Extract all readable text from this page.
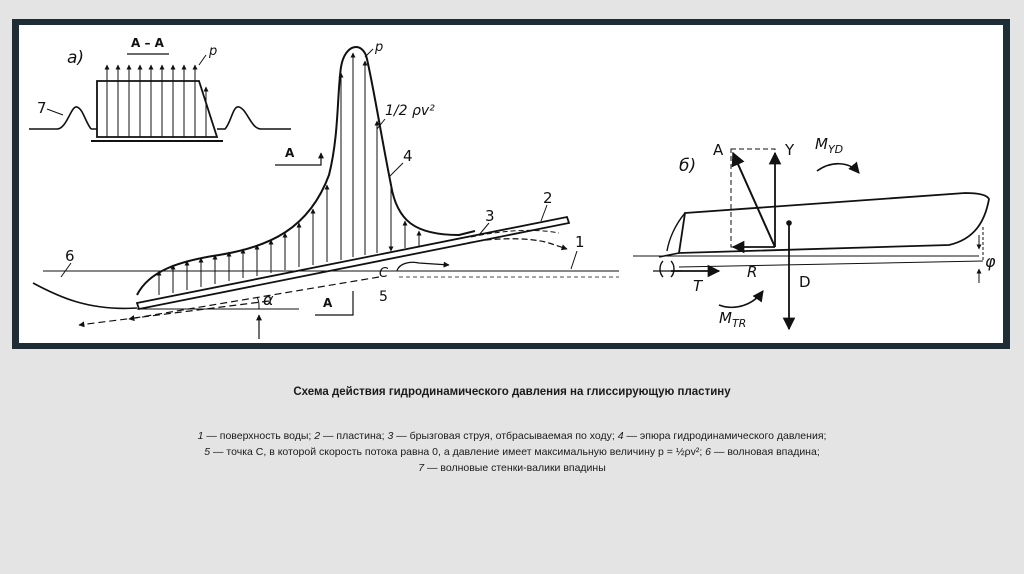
а)
A – A
p
7
6
p
1/2 ρv²
4
3
2
1
C
5
A
A
α
б)
A	Y
R
T	D
$M_{YD}$
$M_{TR}$
φ

Схема действия гидродинамического давления на глиссирующую пластину

1 — поверхность воды; 2 — пластина; 3 — брызговая струя, отбрасываемая по ходу; 4 — эпюра гидродинамического давления;

5 — точка C, в которой скорость потока равна 0, а давление имеет максимальную величину p = ½ρv²; 6 — волновая впадина;

7 — волновые стенки-валики впадины
